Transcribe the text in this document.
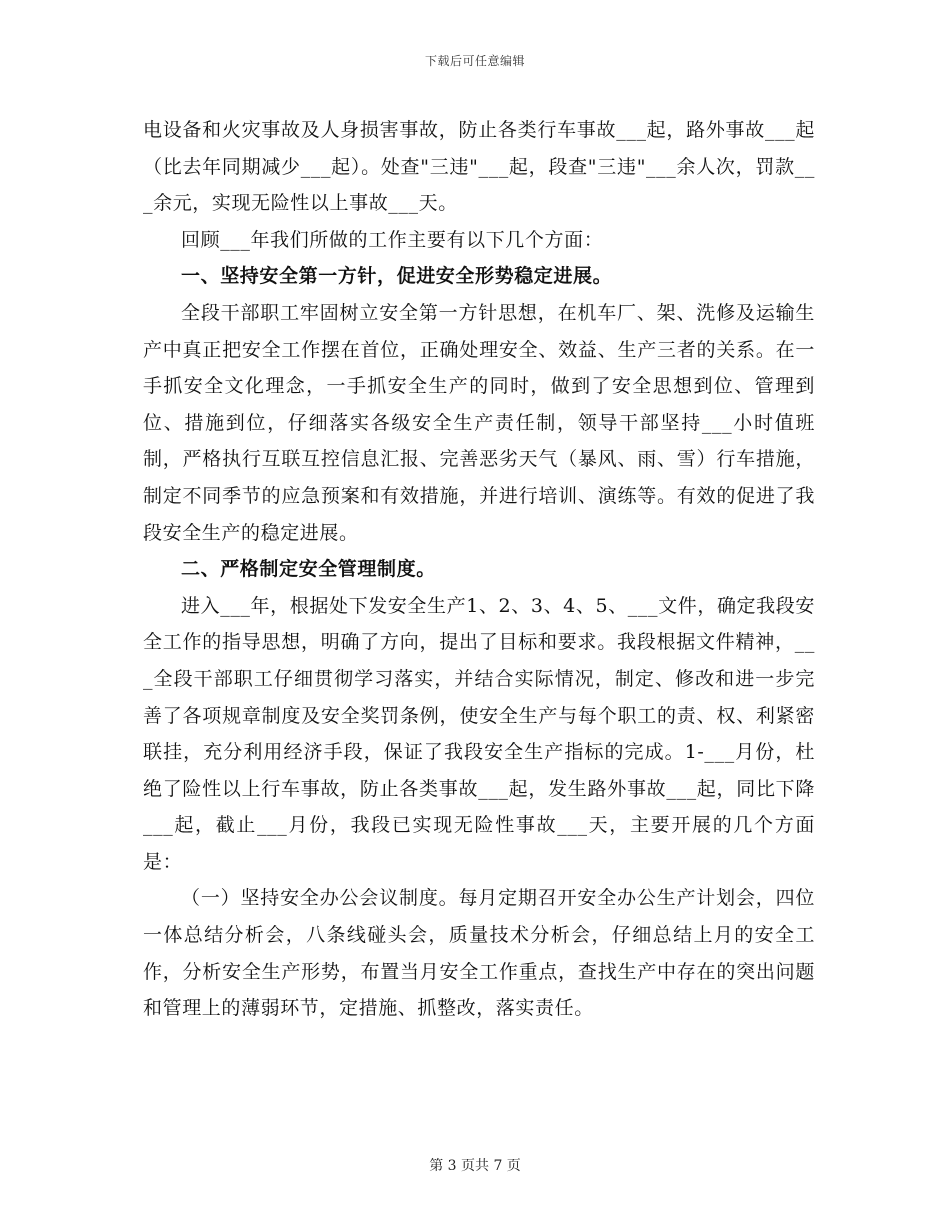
下载后可任意编辑

电设备和火灾事故及人身损害事故，防止各类行车事故___起，路外事故___起（比去年同期减少___起）。处查"三违"___起，段查"三违"___余人次，罚款___余元，实现无险性以上事故___天。

回顾___年我们所做的工作主要有以下几个方面：

一、坚持安全第一方针，促进安全形势稳定进展。

全段干部职工牢固树立安全第一方针思想，在机车厂、架、洗修及运输生产中真正把安全工作摆在首位，正确处理安全、效益、生产三者的关系。在一手抓安全文化理念，一手抓安全生产的同时，做到了安全思想到位、管理到位、措施到位，仔细落实各级安全生产责任制，领导干部坚持___小时值班制，严格执行互联互控信息汇报、完善恶劣天气（暴风、雨、雪）行车措施，制定不同季节的应急预案和有效措施，并进行培训、演练等。有效的促进了我段安全生产的稳定进展。

二、严格制定安全管理制度。

进入___年，根据处下发安全生产1、2、3、4、5、___文件，确定我段安全工作的指导思想，明确了方向，提出了目标和要求。我段根据文件精神，___全段干部职工仔细贯彻学习落实，并结合实际情况，制定、修改和进一步完善了各项规章制度及安全奖罚条例，使安全生产与每个职工的责、权、利紧密联挂，充分利用经济手段，保证了我段安全生产指标的完成。1-___月份，杜绝了险性以上行车事故，防止各类事故___起，发生路外事故___起，同比下降___起，截止___月份，我段已实现无险性事故___天，主要开展的几个方面是：

（一）坚持安全办公会议制度。每月定期召开安全办公生产计划会，四位一体总结分析会，八条线碰头会，质量技术分析会，仔细总结上月的安全工作，分析安全生产形势，布置当月安全工作重点，查找生产中存在的突出问题和管理上的薄弱环节，定措施、抓整改，落实责任。

第 3 页共 7 页
